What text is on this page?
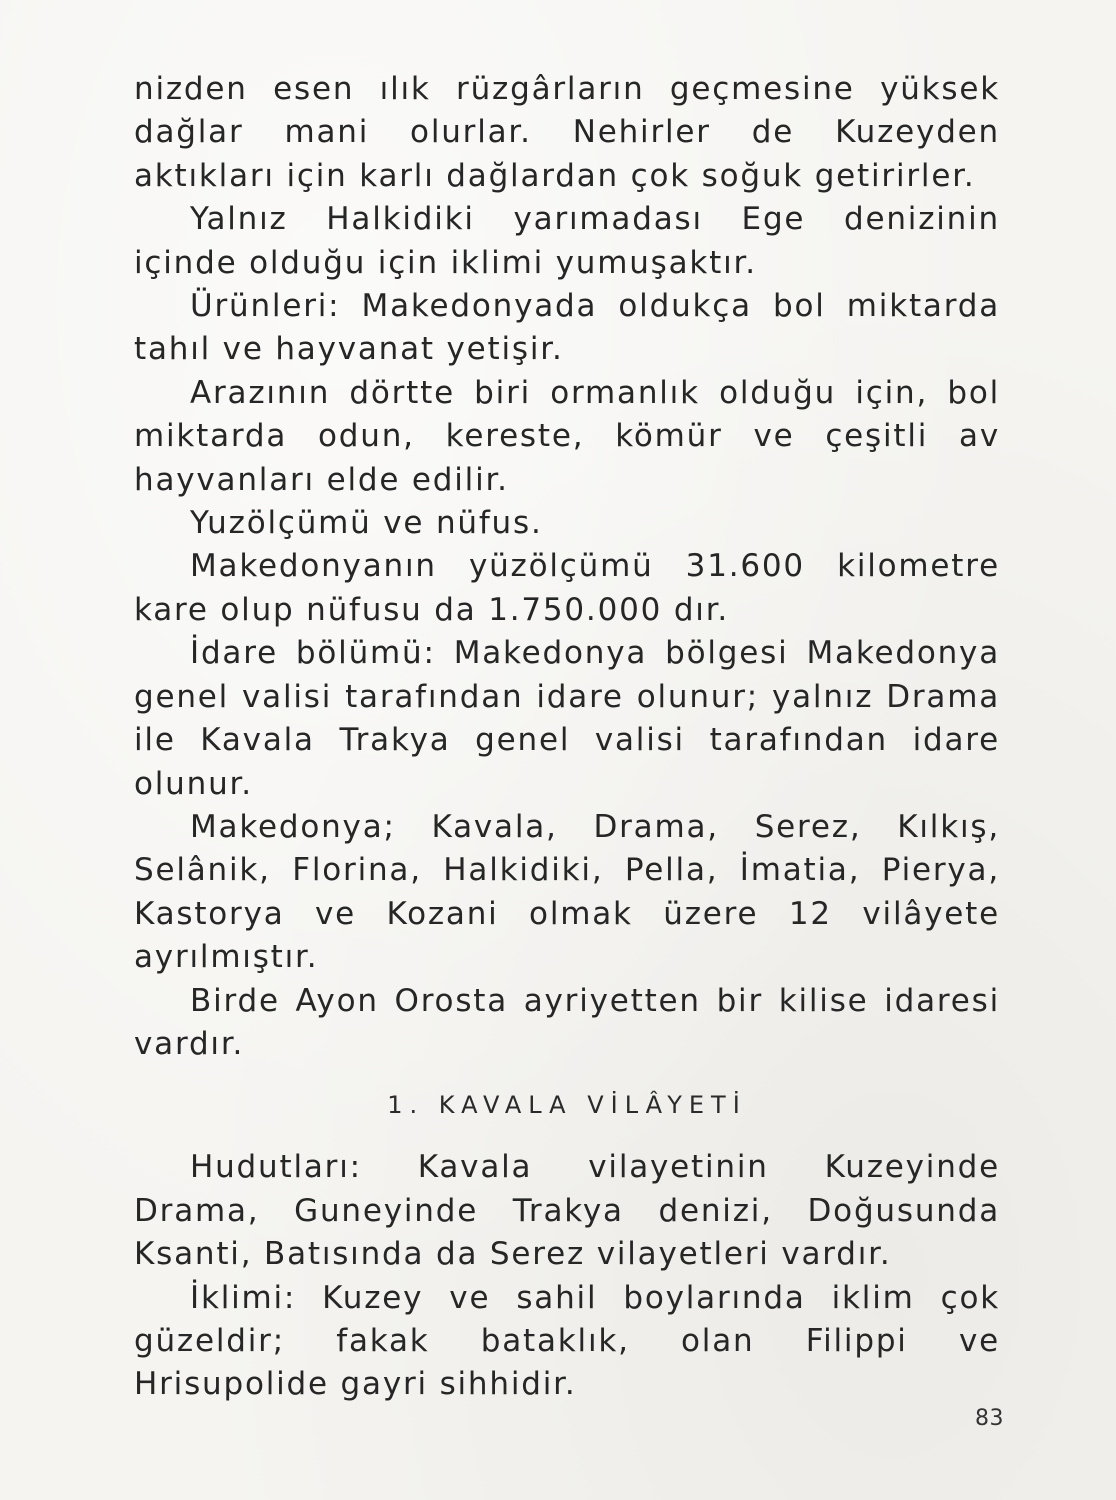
nizden esen ılık rüzgârların geçmesine yüksek dağlar mani olurlar. Nehirler de Kuzeyden aktıkları için karlı dağlardan çok soğuk getirirler.

Yalnız Halkidiki yarımadası Ege denizinin içinde olduğu için iklimi yumuşaktır.

Ürünleri: Makedonyada oldukça bol miktarda tahıl ve hayvanat yetişir.

Arazının dörtte biri ormanlık olduğu için, bol miktarda odun, kereste, kömür ve çeşitli av hayvanları elde edilir.

Yuzölçümü ve nüfus.

Makedonyanın yüzölçümü 31.600 kilometre kare olup nüfusu da 1.750.000 dır.

İdare bölümü: Makedonya bölgesi Makedonya genel valisi tarafından idare olunur; yalnız Drama ile Kavala Trakya genel valisi tarafından idare olunur.

Makedonya; Kavala, Drama, Serez, Kılkış, Selânik, Florina, Halkidiki, Pella, İmatia, Pierya, Kastorya ve Kozani olmak üzere 12 vilâyete ayrılmıştır.

Birde Ayon Orosta ayriyetten bir kilise idaresi vardır.

1. KAVALA VİLÂYETİ

Hudutları: Kavala vilayetinin Kuzeyinde Drama, Guneyinde Trakya denizi, Doğusunda Ksanti, Batısında da Serez vilayetleri vardır.

İklimi: Kuzey ve sahil boylarında iklim çok güzeldir; fakak bataklık, olan Filippi ve Hrisupolide gayri sihhidir.

83
